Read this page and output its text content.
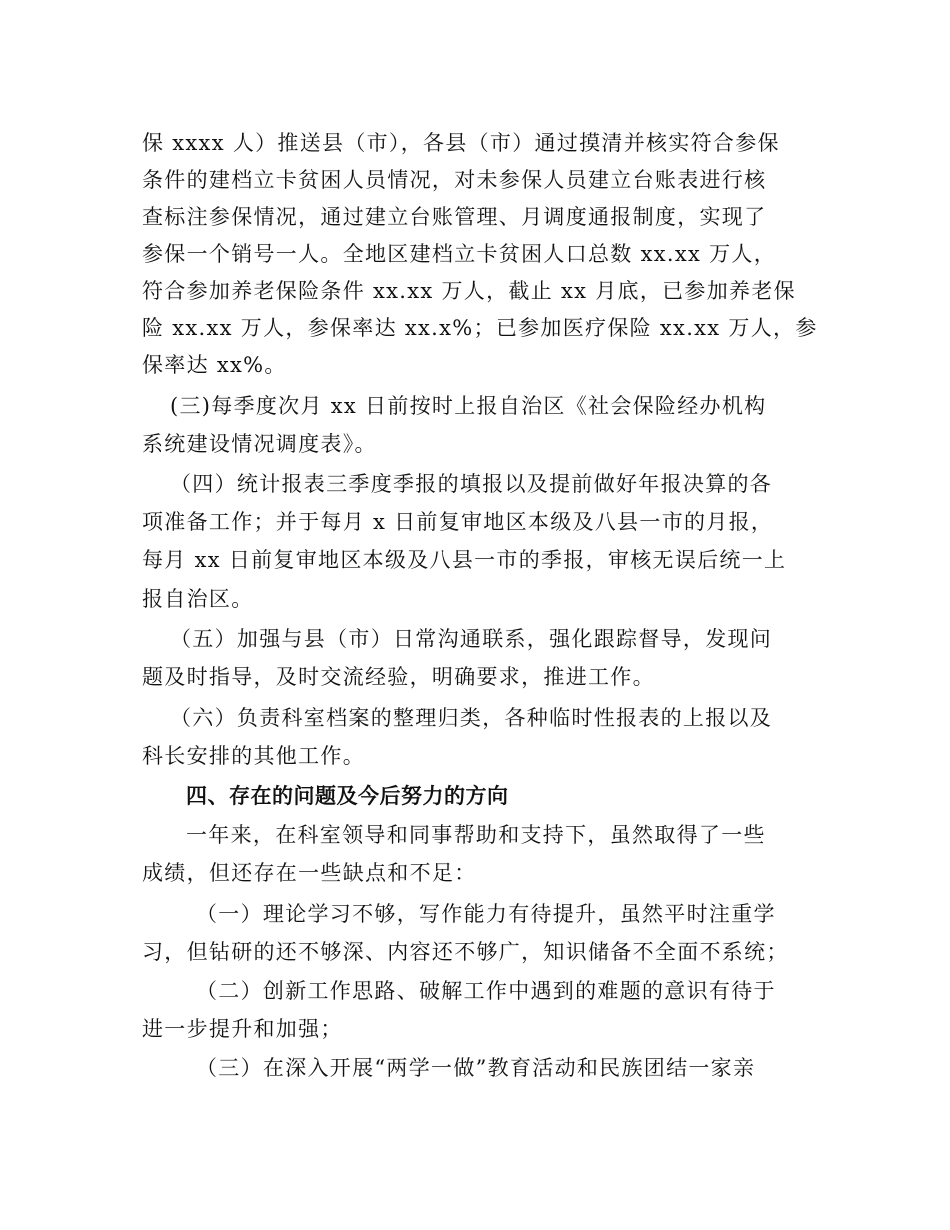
保 xxxx 人）推送县（市），各县（市）通过摸清并核实符合参保
条件的建档立卡贫困人员情况，对未参保人员建立台账表进行核
查标注参保情况，通过建立台账管理、月调度通报制度，实现了
参保一个销号一人。全地区建档立卡贫困人口总数 xx.xx 万人，
符合参加养老保险条件 xx.xx 万人，截止 xx 月底，已参加养老保
险 xx.xx 万人，参保率达 xx.x%；已参加医疗保险 xx.xx 万人，参
保率达 xx%。
(三)每季度次月 xx 日前按时上报自治区《社会保险经办机构
系统建设情况调度表》。
（四）统计报表三季度季报的填报以及提前做好年报决算的各
项准备工作；并于每月 x 日前复审地区本级及八县一市的月报，
每月 xx 日前复审地区本级及八县一市的季报，审核无误后统一上
报自治区。
（五）加强与县（市）日常沟通联系，强化跟踪督导，发现问
题及时指导，及时交流经验，明确要求，推进工作。
（六）负责科室档案的整理归类，各种临时性报表的上报以及
科长安排的其他工作。
四、存在的问题及今后努力的方向
一年来，在科室领导和同事帮助和支持下，虽然取得了一些
成绩，但还存在一些缺点和不足：
（一）理论学习不够，写作能力有待提升，虽然平时注重学
习，但钻研的还不够深、内容还不够广，知识储备不全面不系统；
（二）创新工作思路、破解工作中遇到的难题的意识有待于
进一步提升和加强；
（三）在深入开展“两学一做”教育活动和民族团结一家亲
